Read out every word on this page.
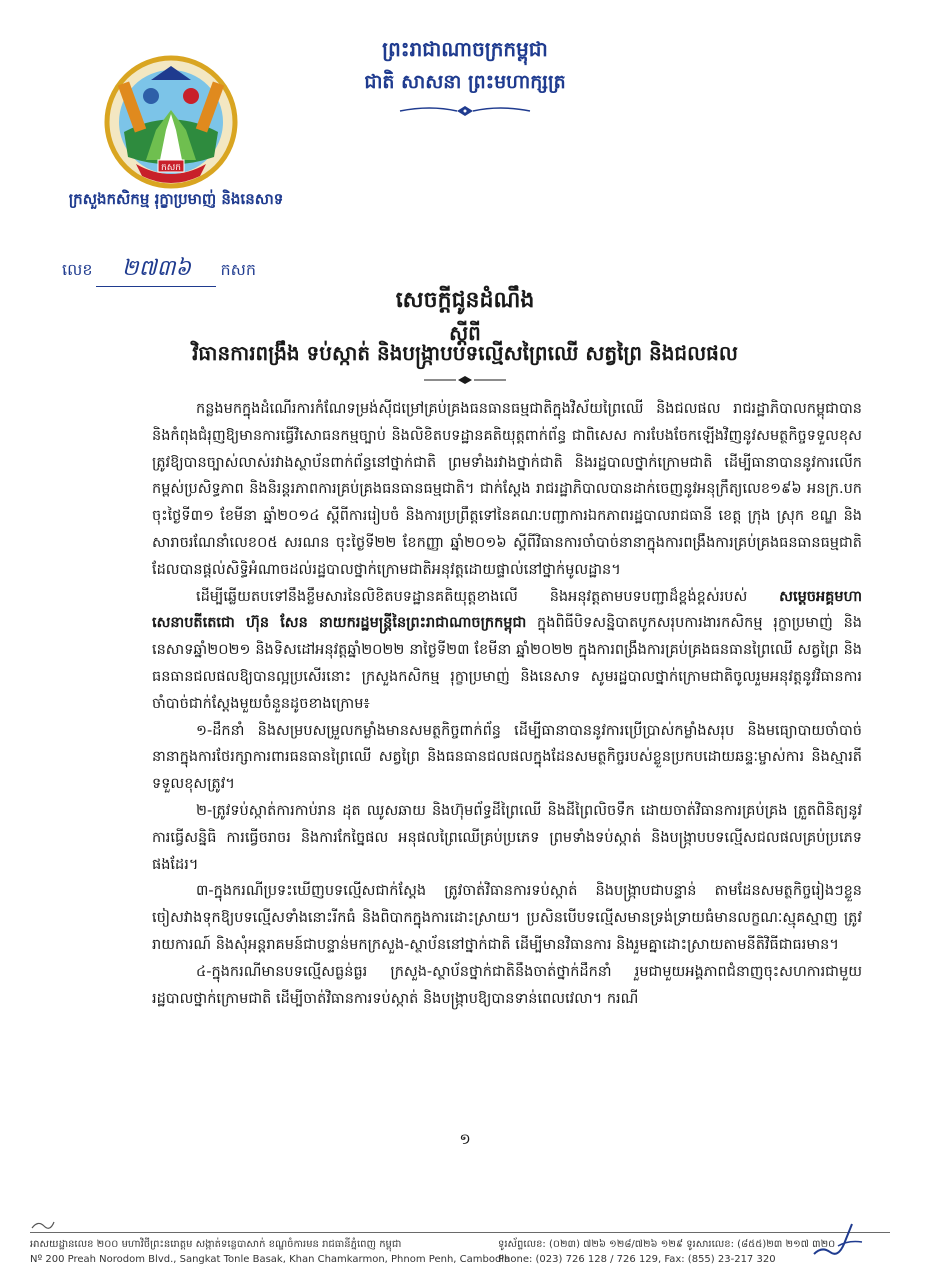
កសក
ក្រសួងកសិកម្ម រុក្ខាប្រមាញ់ និងនេសាទ
ព្រះរាជាណាចក្រកម្ពុជា
ជាតិ សាសនា ព្រះមហាក្សត្រ
លេខ ២៧៣៦ កសក
សេចក្ដីជូនដំណឹង
ស្ដីពី
វិធានការពង្រឹង ទប់ស្កាត់ និងបង្រ្កាបបទល្មើសព្រៃឈើ សត្វព្រៃ និងជលផល

កន្លងមកក្នុងដំណើរការកំណែទម្រង់ស៊ីជម្រៅគ្រប់គ្រងធនធានធម្មជាតិក្នុងវិស័យព្រៃឈើ និងជលផល រាជរដ្ឋាភិបាលកម្ពុជាបាននិងកំពុងជំរុញឱ្យមានការធ្វើវិសោធនកម្មច្បាប់ និងលិខិតបទដ្ឋានគតិយុត្តពាក់ព័ន្ធ ជាពិសេស ការបែងចែកឡើងវិញនូវសមត្ថកិច្ចទទួលខុសត្រូវឱ្យបានច្បាស់លាស់រវាងស្ថាប័នពាក់ព័ន្ធនៅថ្នាក់ជាតិ ព្រមទាំងរវាងថ្នាក់ជាតិ និងរដ្ឋបាលថ្នាក់ក្រោមជាតិ ដើម្បីធានាបាននូវការលើកកម្ពស់ប្រសិទ្ធភាព និងនិរន្តរភាពការគ្រប់គ្រងធនធានធម្មជាតិ។ ជាក់ស្តែង រាជរដ្ឋាភិបាលបានដាក់ចេញនូវអនុក្រឹត្យលេខ១៩៦ អនក្រ.បក ចុះថ្ងៃទី៣១ ខែមីនា ឆ្នាំ២០១៤ ស្តីពីការរៀបចំ និងការប្រព្រឹត្តទៅនៃគណៈបញ្ជាការឯកភាពរដ្ឋបាលរាជធានី ខេត្ត ក្រុង ស្រុក ខណ្ឌ និងសារាចរណែនាំលេខ០៥ សរណន ចុះថ្ងៃទី២២ ខែកញ្ញា ឆ្នាំ២០១៦ ស្តីពីវិធានការចាំបាច់នានាក្នុងការពង្រឹងការគ្រប់គ្រងធនធានធម្មជាតិដែលបានផ្តល់សិទ្ធិអំណាចដល់រដ្ឋបាលថ្នាក់ក្រោមជាតិអនុវត្តដោយផ្ទាល់នៅថ្នាក់មូលដ្ឋាន។

ដើម្បីឆ្លើយតបទៅនឹងខ្លឹមសារនៃលិខិតបទដ្ឋានគតិយុត្តខាងលើ និងអនុវត្តតាមបទបញ្ជាដ៏ខ្ពង់ខ្ពស់របស់ សម្តេចអគ្គមហាសេនាបតីតេជោ ហ៊ុន សែន នាយករដ្ឋមន្ត្រីនៃព្រះរាជាណាចក្រកម្ពុជា ក្នុងពិធីបិទសន្និបាតបូកសរុបការងារកសិកម្ម រុក្ខាប្រមាញ់ និងនេសាទឆ្នាំ២០២១ និងទិសដៅអនុវត្តឆ្នាំ២០២២ នាថ្ងៃទី២៣ ខែមីនា ឆ្នាំ២០២២ ក្នុងការពង្រឹងការគ្រប់គ្រងធនធានព្រៃឈើ សត្វព្រៃ និងធនធានជលផលឱ្យបានល្អប្រសើរនោះ ក្រសួងកសិកម្ម រុក្ខាប្រមាញ់ និងនេសាទ សូមរដ្ឋបាលថ្នាក់ក្រោមជាតិចូលរួមអនុវត្តនូវវិធានការចាំបាច់ជាក់ស្តែងមួយចំនួនដូចខាងក្រោម៖

១-ដឹកនាំ និងសម្របសម្រួលកម្លាំងមានសមត្ថកិច្ចពាក់ព័ន្ធ ដើម្បីធានាបាននូវការប្រើប្រាស់កម្លាំងសរុប និងមធ្យោបាយចាំបាច់នានាក្នុងការថែរក្សាការពារធនធានព្រៃឈើ សត្វព្រៃ និងធនធានជលផលក្នុងដែនសមត្ថកិច្ចរបស់ខ្លួនប្រកបដោយឆន្ទៈម្ចាស់ការ និងស្មារតីទទួលខុសត្រូវ។

២-ត្រូវទប់ស្កាត់ការកាប់រាន ដុត ឈូសឆាយ និងហ៊ុមព័ទ្ធដីព្រៃឈើ និងដីព្រៃលិចទឹក ដោយចាត់វិធានការគ្រប់គ្រង ត្រួតពិនិត្យនូវការធ្វើសន្និធិ ការធ្វើចរាចរ និងការកែច្នៃផល អនុផលព្រៃឈើគ្រប់ប្រភេទ ព្រមទាំងទប់ស្កាត់ និងបង្រ្កាបបទល្មើសជលផលគ្រប់ប្រភេទផងដែរ។

៣-ក្នុងករណីប្រទះឃើញបទល្មើសជាក់ស្តែង ត្រូវចាត់វិធានការទប់ស្កាត់ និងបង្រ្កាបជាបន្ទាន់ តាមដែនសមត្ថកិច្ចរៀងៗខ្លួន ចៀសវាងទុកឱ្យបទល្មើសទាំងនោះរីកធំ និងពិបាកក្នុងការដោះស្រាយ។ ប្រសិនបើបទល្មើសមានទ្រង់ទ្រាយធំមានលក្ខណៈស្មុគស្មាញ ត្រូវរាយការណ៍ និងសុំអន្តរាគមន៍ជាបន្ទាន់មកក្រសួង-ស្ថាប័ននៅថ្នាក់ជាតិ ដើម្បីមានវិធានការ និងរួមគ្នាដោះស្រាយតាមនីតិវិធីជាធរមាន។

៤-ក្នុងករណីមានបទល្មើសធ្ងន់ធ្ងរ ក្រសួង-ស្ថាប័នថ្នាក់ជាតិនឹងចាត់ថ្នាក់ដឹកនាំ រួមជាមួយអង្គភាពជំនាញចុះសហការជាមួយរដ្ឋបាលថ្នាក់ក្រោមជាតិ ដើម្បីចាត់វិធានការទប់ស្កាត់ និងបង្រ្កាបឱ្យបានទាន់ពេលវេលា។ ករណី

១
អាសយដ្ឋានលេខ ២០០ មហាវិថីព្រះនរោត្តម សង្កាត់ទន្លេបាសាក់ ខណ្ឌចំការមន រាជធានីភ្នំពេញ កម្ពុជា
Nº 200 Preah Norodom Blvd., Sangkat Tonle Basak, Khan Chamkarmon, Phnom Penh, Cambodia
ទូរស័ព្ទលេខ: (០២៣) ៧២៦ ១២៨/៧២៦ ១២៩ ទូរសារលេខ: (៨៥៥)២៣ ២១៧ ៣២០
Phone: (023) 726 128 / 726 129, Fax: (855) 23-217 320
